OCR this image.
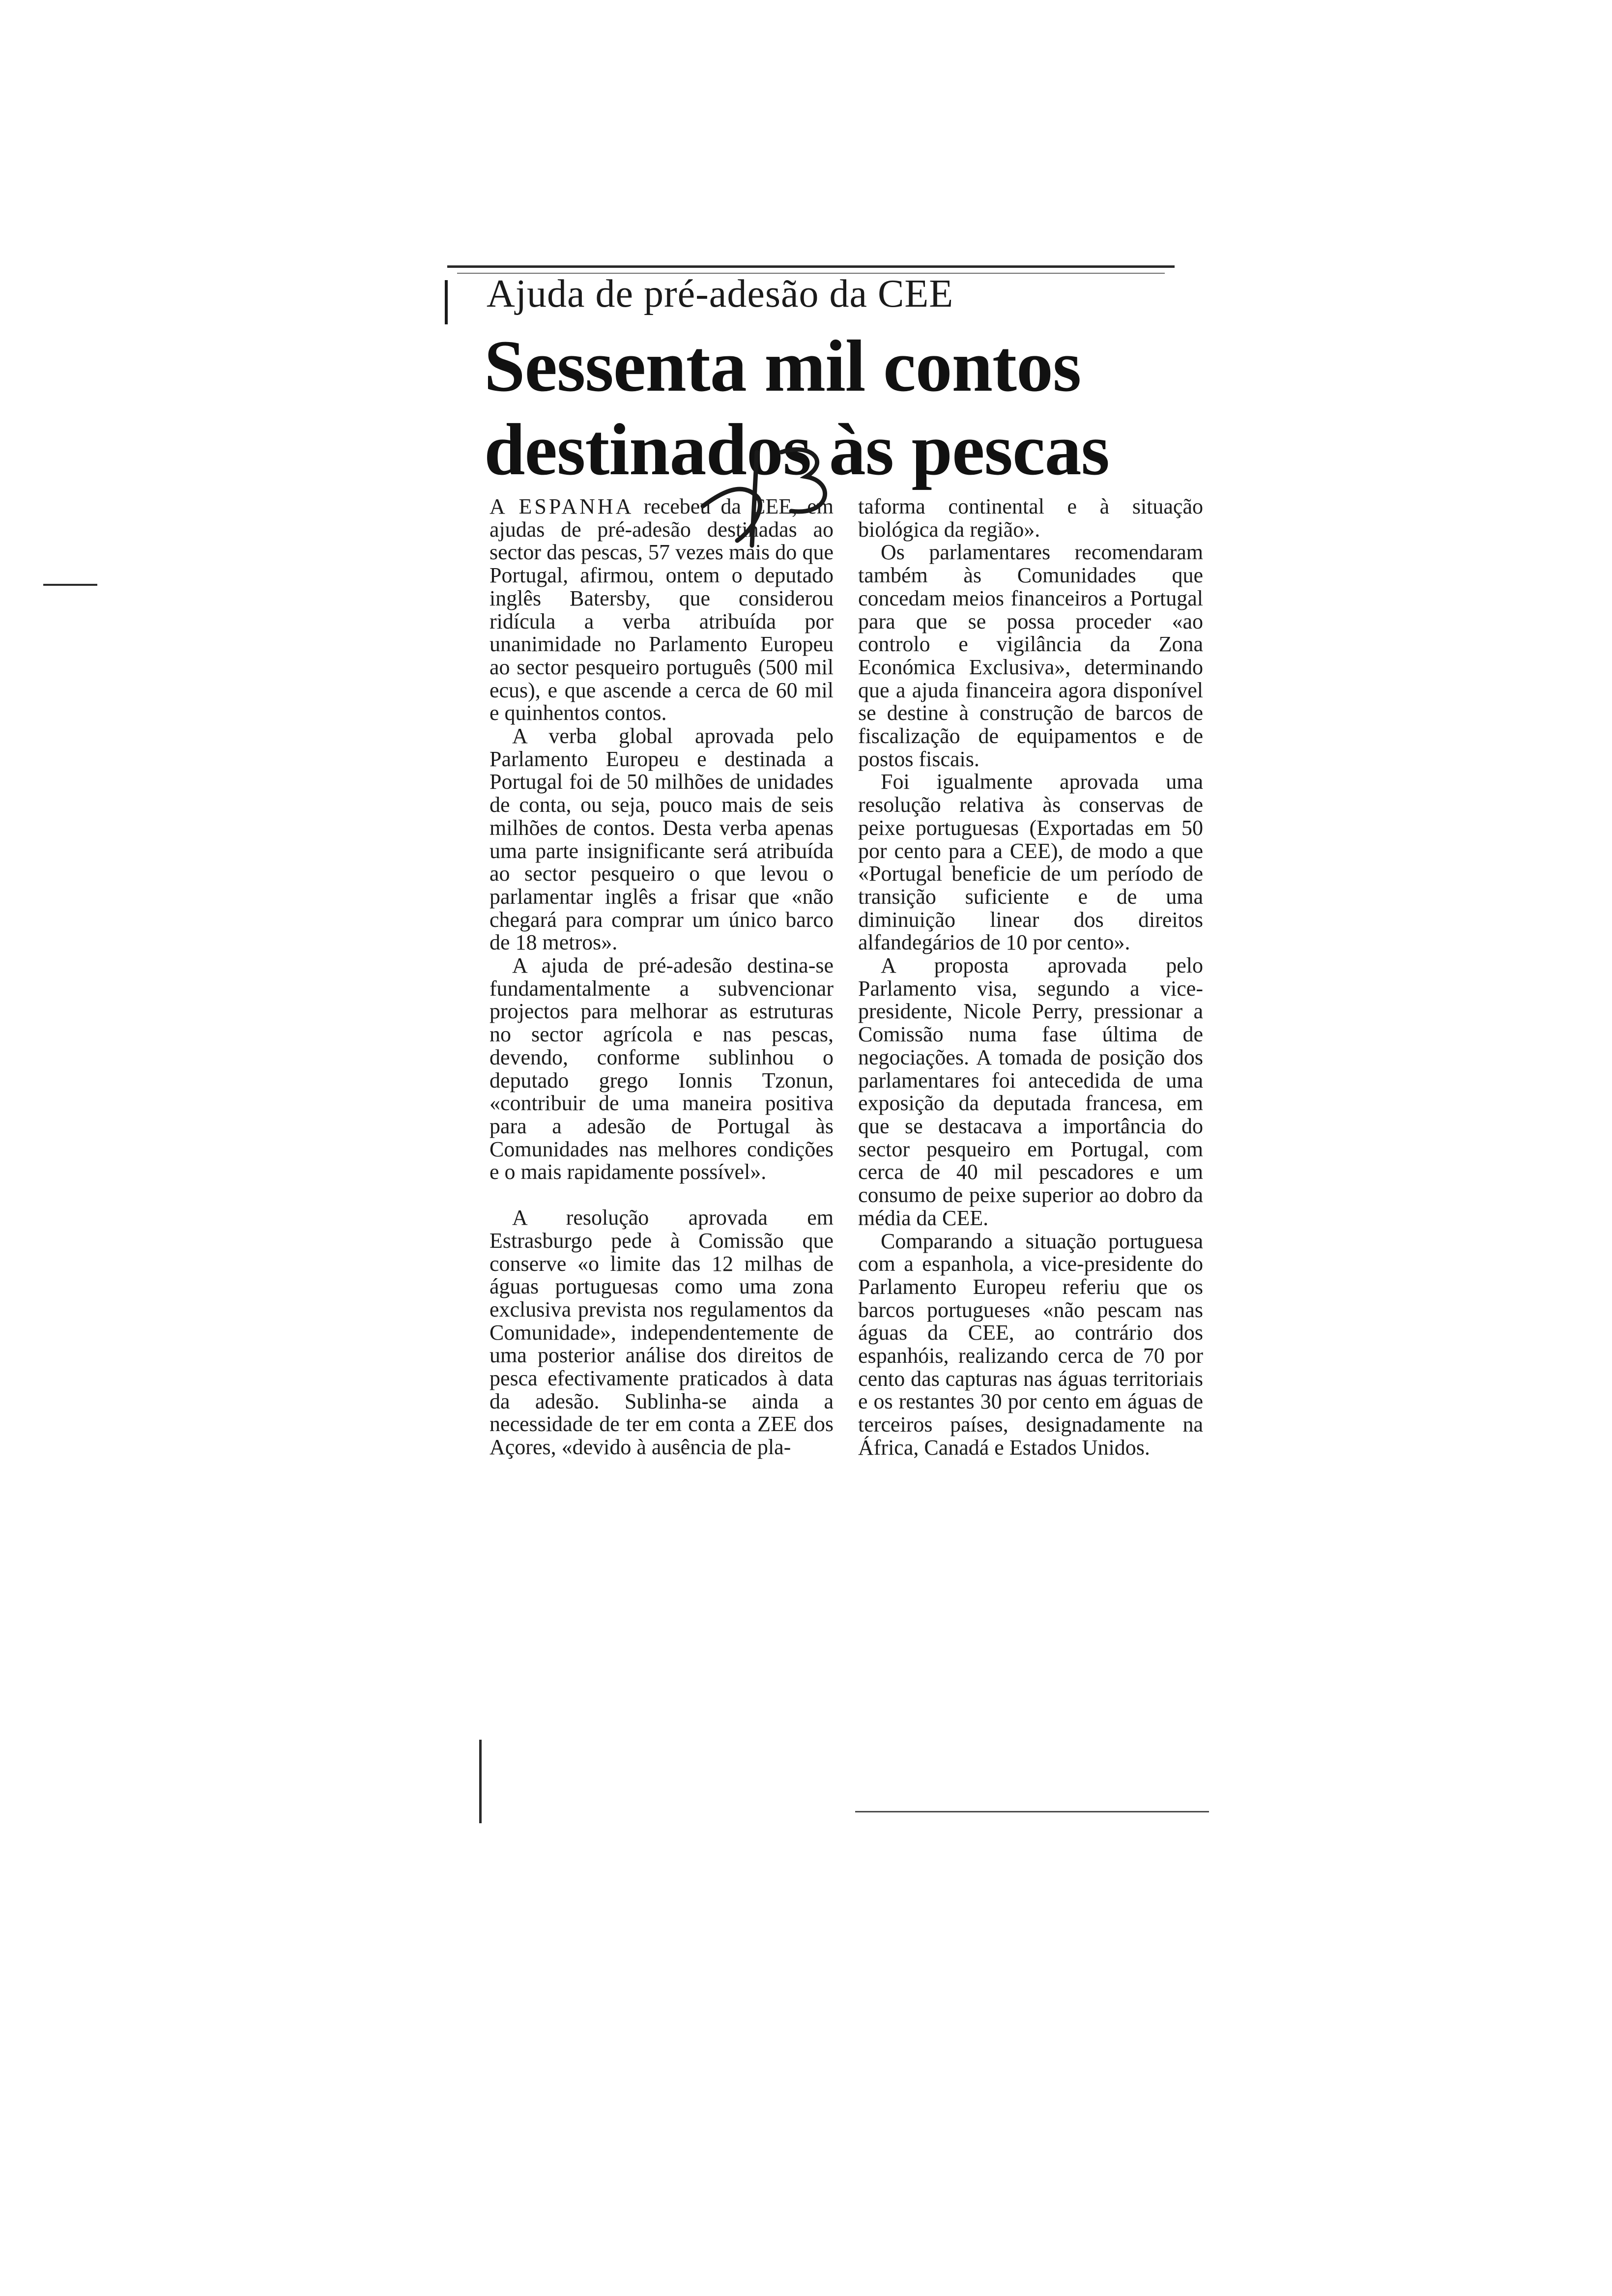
Ajuda de pré-adesão da CEE
Sessenta mil contos
destinados às pescas

A ESPANHA recebeu da CEE, em ajudas de pré-adesão destinadas ao sector das pescas, 57 vezes mais do que Portugal, afirmou, ontem o deputado inglês Batersby, que considerou ridícula a verba atribuída por unanimidade no Parlamento Europeu ao sector pesqueiro português (500 mil ecus), e que ascende a cerca de 60 mil e quinhentos contos.

A verba global aprovada pelo Parlamento Europeu e destinada a Portugal foi de 50 milhões de unidades de conta, ou seja, pouco mais de seis milhões de contos. Desta verba apenas uma parte insignificante será atribuída ao sector pesqueiro o que levou o parlamentar inglês a frisar que «não chegará para comprar um único barco de 18 metros».

A ajuda de pré-adesão destina-se fundamentalmente a subvencionar projectos para melhorar as estruturas no sector agrícola e nas pescas, devendo, conforme sublinhou o deputado grego Ionnis Tzonun, «contribuir de uma maneira positiva para a adesão de Portugal às Comunidades nas melhores condições e o mais rapidamente possível».

A resolução aprovada em Estrasburgo pede à Comissão que conserve «o limite das 12 milhas de águas portuguesas como uma zona exclusiva prevista nos regulamentos da Comunidade», independentemente de uma posterior análise dos direitos de pesca efectivamente praticados à data da adesão. Sublinha-se ainda a necessidade de ter em conta a ZEE dos Açores, «devido à ausência de pla-

taforma continental e à situação biológica da região».

Os parlamentares recomendaram também às Comunidades que concedam meios financeiros a Portugal para que se possa proceder «ao controlo e vigilância da Zona Económica Exclusiva», determinando que a ajuda financeira agora disponível se destine à construção de barcos de fiscalização de equipamentos e de postos fiscais.

Foi igualmente aprovada uma resolução relativa às conservas de peixe portuguesas (Exportadas em 50 por cento para a CEE), de modo a que «Portugal beneficie de um período de transição suficiente e de uma diminuição linear dos direitos alfandegários de 10 por cento».

A proposta aprovada pelo Parlamento visa, segundo a vice-presidente, Nicole Perry, pressionar a Comissão numa fase última de negociações. A tomada de posição dos parlamentares foi antecedida de uma exposição da deputada francesa, em que se destacava a importância do sector pesqueiro em Portugal, com cerca de 40 mil pescadores e um consumo de peixe superior ao dobro da média da CEE.

Comparando a situação portuguesa com a espanhola, a vice-presidente do Parlamento Europeu referiu que os barcos portugueses «não pescam nas águas da CEE, ao contrário dos espanhóis, realizando cerca de 70 por cento das capturas nas águas territoriais e os restantes 30 por cento em águas de terceiros países, designadamente na África, Canadá e Estados Unidos.
